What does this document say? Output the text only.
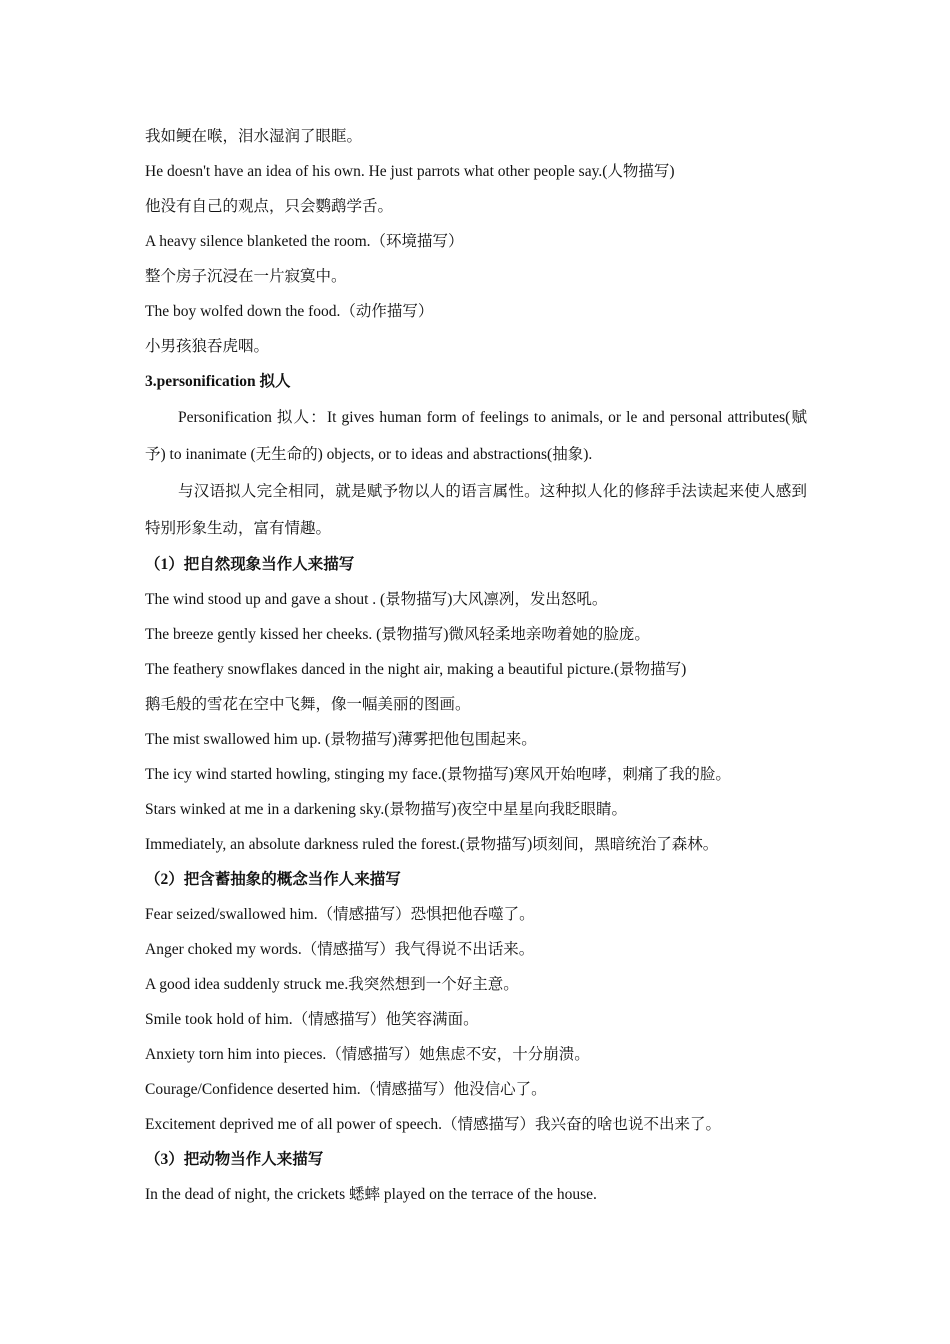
我如鲠在喉，泪水湿润了眼眶。
He doesn't have an idea of his own. He just parrots what other people say.(人物描写)
他没有自己的观点，只会鹦鹉学舌。
A heavy silence blanketed the room.（环境描写）
整个房子沉浸在一片寂寞中。
The boy wolfed down the food.（动作描写）
小男孩狼吞虎咽。
3.personification 拟人

Personification 拟人：It gives human form of feelings to animals, or le and personal attributes(赋予) to inanimate (无生命的) objects, or to ideas and abstractions(抽象).

与汉语拟人完全相同，就是赋予物以人的语言属性。这种拟人化的修辞手法读起来使人感到特别形象生动，富有情趣。

（1）把自然现象当作人来描写
The wind stood up and gave a shout . (景物描写)大风凛冽，发出怒吼。
The breeze gently kissed her cheeks. (景物描写)微风轻柔地亲吻着她的脸庞。
The feathery snowflakes danced in the night air, making a beautiful picture.(景物描写)
鹅毛般的雪花在空中飞舞，像一幅美丽的图画。
The mist swallowed him up. (景物描写)薄雾把他包围起来。
The icy wind started howling, stinging my face.(景物描写)寒风开始咆哮，刺痛了我的脸。
Stars winked at me in a darkening sky.(景物描写)夜空中星星向我眨眼睛。
Immediately, an absolute darkness ruled the forest.(景物描写)顷刻间，黑暗统治了森林。
（2）把含蓄抽象的概念当作人来描写
Fear seized/swallowed him.（情感描写）恐惧把他吞噬了。
Anger choked my words.（情感描写）我气得说不出话来。
A good idea suddenly struck me.我突然想到一个好主意。
Smile took hold of him.（情感描写）他笑容满面。
Anxiety torn him into pieces.（情感描写）她焦虑不安，十分崩溃。
Courage/Confidence deserted him.（情感描写）他没信心了。
Excitement deprived me of all power of speech.（情感描写）我兴奋的啥也说不出来了。
（3）把动物当作人来描写
In the dead of night, the crickets 蟋蟀 played on the terrace of the house.
